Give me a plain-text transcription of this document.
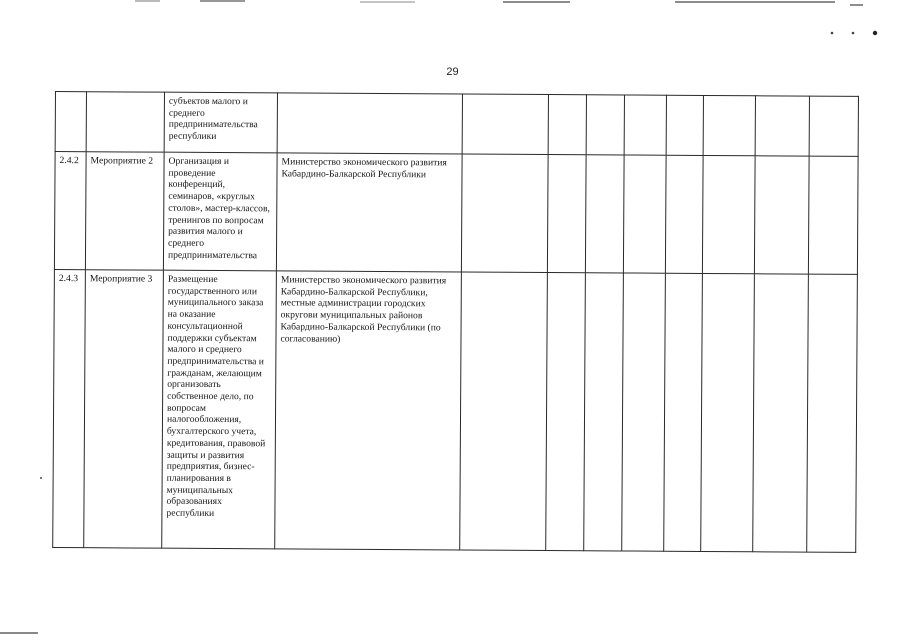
29

		субъектов малого и среднего предпринимательства республики									

2.4.2	Мероприятие 2	Организация и проведение конференций, семинаров, «круглых столов», мастер-классов, тренингов по вопросам развития малого и среднего предпринимательства	Министерство экономического развития Кабардино-Балкарской Республики								
2.4.3	Мероприятие 3	Размещение государственного или муниципального заказа на оказание консультационной поддержки субъектам малого и среднего предпринимательства и гражданам, желающим организовать собственное дело, по вопросам налогообложения, бухгалтерского учета, кредитования, правовой защиты и развития предприятия, бизнес-планирования в муниципальных образованиях республики	Министерство экономического развития Кабардино-Балкарской Республики, местные администрации городских округови муниципальных районов Кабардино-Балкарской Республики (по согласованию)								
